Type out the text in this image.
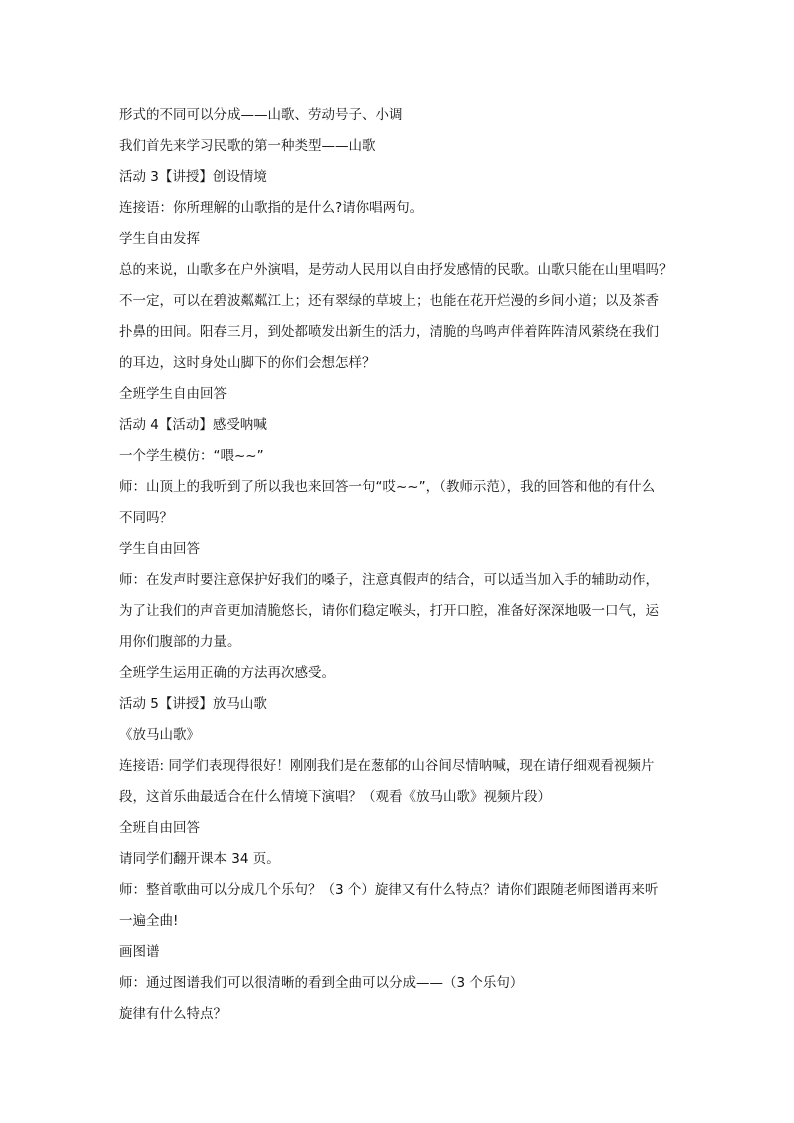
形式的不同可以分成——山歌、劳动号子、小调
我们首先来学习民歌的第一种类型——山歌
活动 3【讲授】创设情境
连接语：你所理解的山歌指的是什么?请你唱两句。
学生自由发挥
总的来说，山歌多在户外演唱，是劳动人民用以自由抒发感情的民歌。山歌只能在山里唱吗？
不一定，可以在碧波粼粼江上；还有翠绿的草坡上；也能在花开烂漫的乡间小道；以及茶香
扑鼻的田间。阳春三月，到处都喷发出新生的活力，清脆的鸟鸣声伴着阵阵清风萦绕在我们
的耳边，这时身处山脚下的你们会想怎样？
全班学生自由回答
活动 4【活动】感受呐喊
一个学生模仿：“喂~~”
师：山顶上的我听到了所以我也来回答一句“哎~~”，（教师示范），我的回答和他的有什么
不同吗？
学生自由回答
师：在发声时要注意保护好我们的嗓子，注意真假声的结合，可以适当加入手的辅助动作，
为了让我们的声音更加清脆悠长，请你们稳定喉头，打开口腔，准备好深深地吸一口气，运
用你们腹部的力量。
全班学生运用正确的方法再次感受。
活动 5【讲授】放马山歌
《放马山歌》
连接语: 同学们表现得很好！刚刚我们是在葱郁的山谷间尽情呐喊，现在请仔细观看视频片
段，这首乐曲最适合在什么情境下演唱？（观看《放马山歌》视频片段）
全班自由回答
请同学们翻开课本 34 页。
师：整首歌曲可以分成几个乐句？（3 个）旋律又有什么特点？请你们跟随老师图谱再来听
一遍全曲!
画图谱
师：通过图谱我们可以很清晰的看到全曲可以分成——（3 个乐句）
旋律有什么特点？
